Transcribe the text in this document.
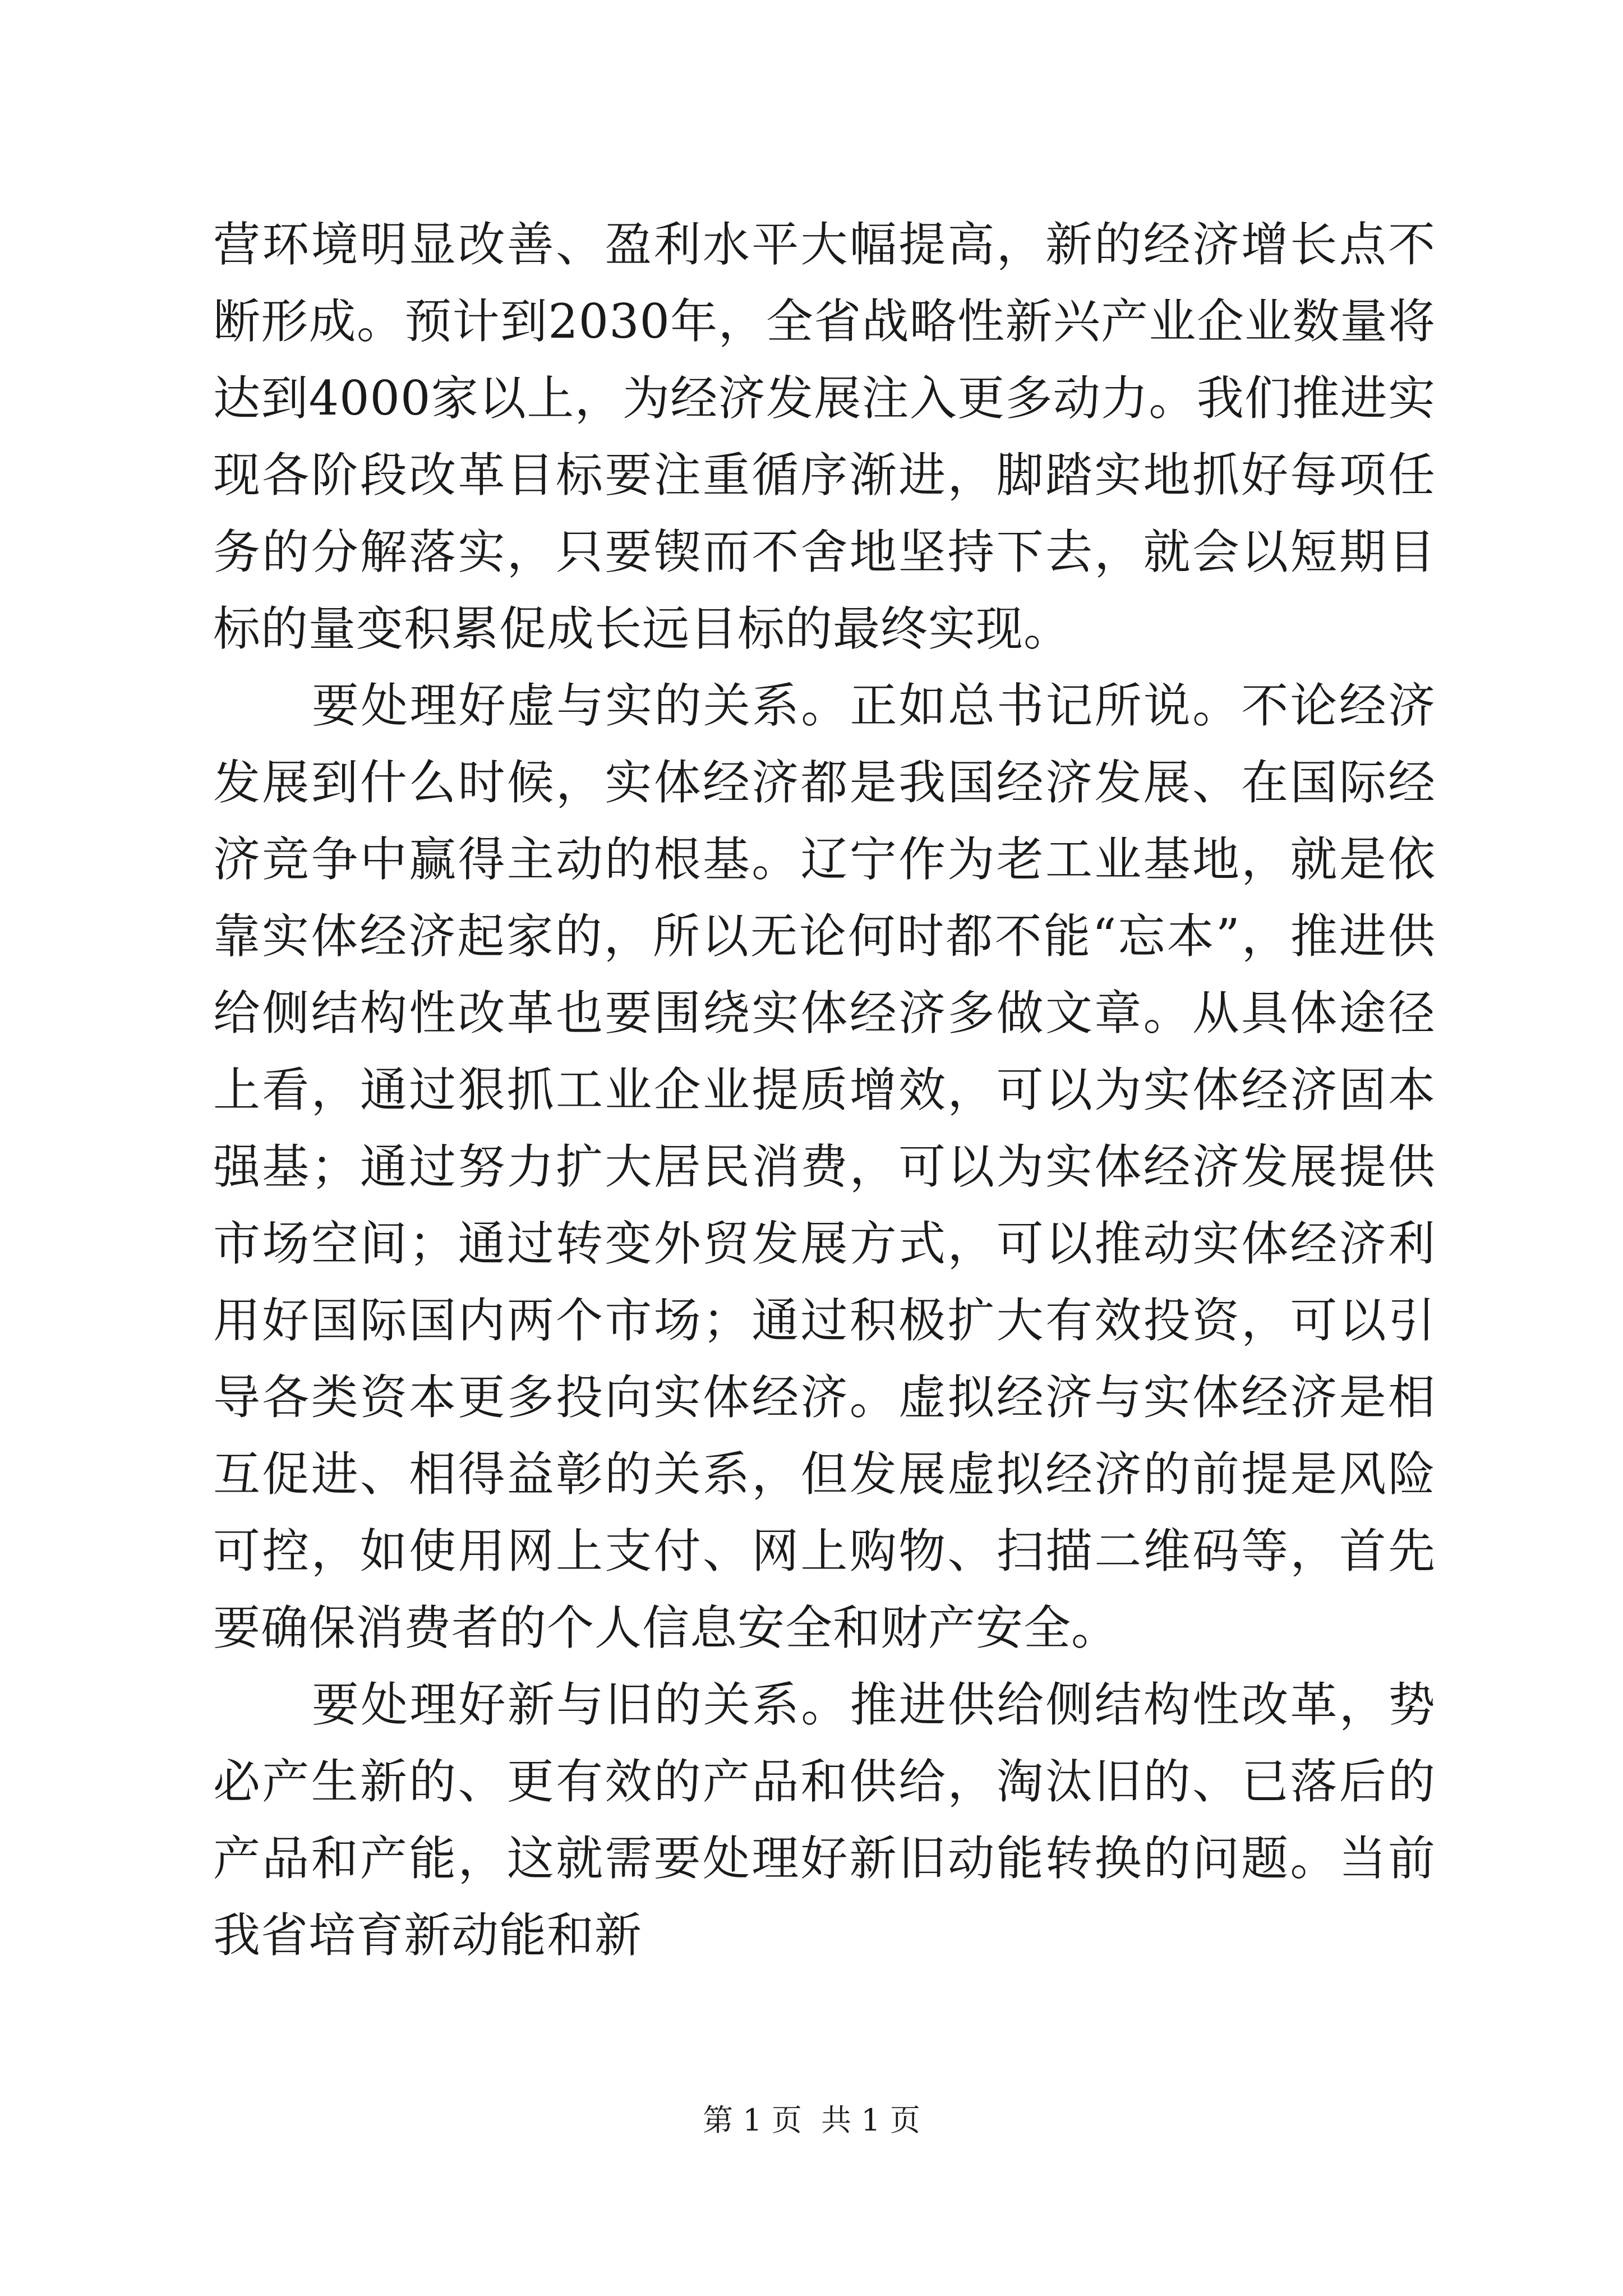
营环境明显改善、盈利水平大幅提高，新的经济增长点不断形成。预计到2030年，全省战略性新兴产业企业数量将达到4000家以上，为经济发展注入更多动力。我们推进实现各阶段改革目标要注重循序渐进，脚踏实地抓好每项任务的分解落实，只要锲而不舍地坚持下去，就会以短期目标的量变积累促成长远目标的最终实现。

要处理好虚与实的关系。正如总书记所说。不论经济发展到什么时候，实体经济都是我国经济发展、在国际经济竞争中赢得主动的根基。辽宁作为老工业基地，就是依靠实体经济起家的，所以无论何时都不能“忘本”，推进供给侧结构性改革也要围绕实体经济多做文章。从具体途径上看，通过狠抓工业企业提质增效，可以为实体经济固本强基；通过努力扩大居民消费，可以为实体经济发展提供市场空间；通过转变外贸发展方式，可以推动实体经济利用好国际国内两个市场；通过积极扩大有效投资，可以引导各类资本更多投向实体经济。虚拟经济与实体经济是相互促进、相得益彰的关系，但发展虚拟经济的前提是风险可控，如使用网上支付、网上购物、扫描二维码等，首先要确保消费者的个人信息安全和财产安全。

要处理好新与旧的关系。推进供给侧结构性改革，势必产生新的、更有效的产品和供给，淘汰旧的、已落后的产品和产能，这就需要处理好新旧动能转换的问题。当前我省培育新动能和新

第 1 页  共 1 页
